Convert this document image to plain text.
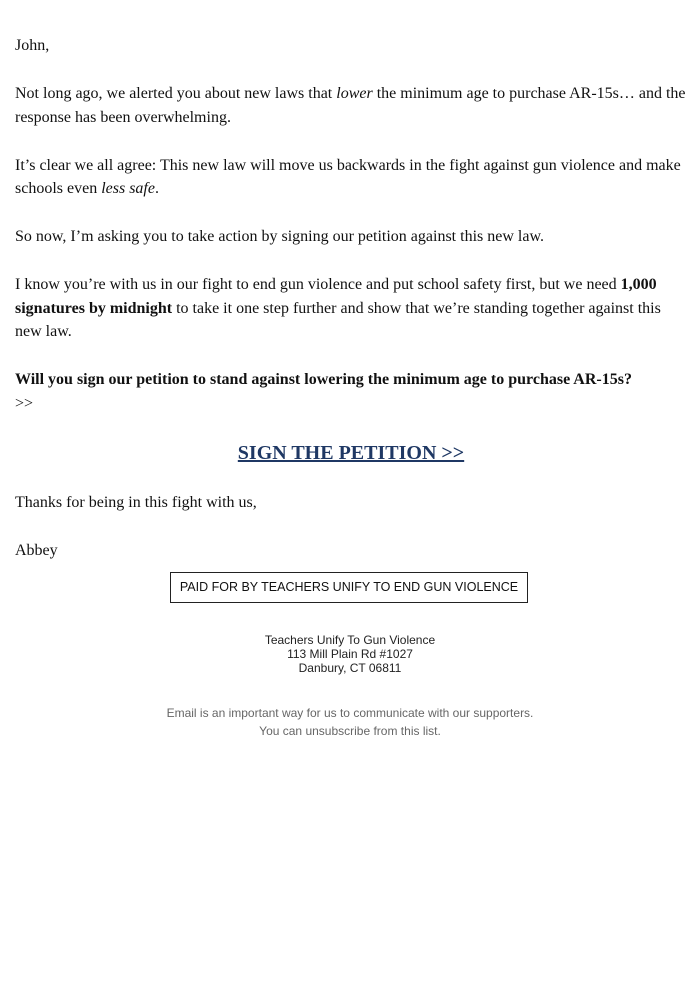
John,

Not long ago, we alerted you about new laws that lower the minimum age to purchase AR-15s… and the response has been overwhelming.

It’s clear we all agree: This new law will move us backwards in the fight against gun violence and make schools even less safe.

So now, I’m asking you to take action by signing our petition against this new law.

I know you’re with us in our fight to end gun violence and put school safety first, but we need 1,000 signatures by midnight to take it one step further and show that we’re standing together against this new law.

Will you sign our petition to stand against lowering the minimum age to purchase AR-15s?
>>

SIGN THE PETITION >>

Thanks for being in this fight with us,

Abbey

PAID FOR BY TEACHERS UNIFY TO END GUN VIOLENCE
Teachers Unify To Gun Violence
113 Mill Plain Rd #1027
Danbury, CT 06811
Email is an important way for us to communicate with our supporters.
You can unsubscribe from this list.
